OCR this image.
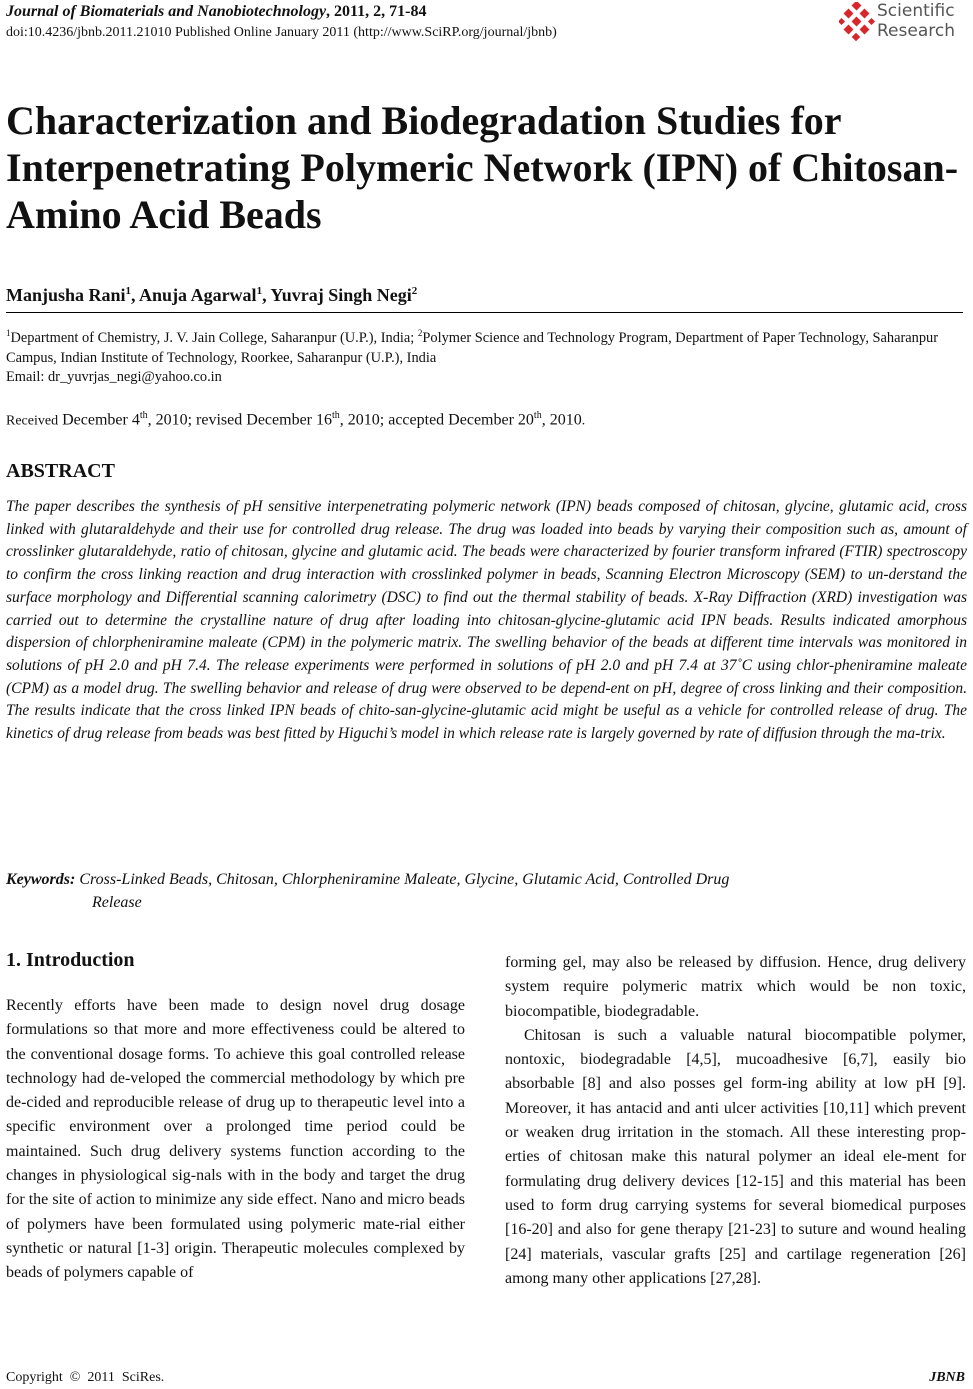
Journal of Biomaterials and Nanobiotechnology, 2011, 2, 71-84
doi:10.4236/jbnb.2011.21010 Published Online January 2011 (http://www.SciRP.org/journal/jbnb)
Scientific
Research
Characterization and Biodegradation Studies for Interpenetrating Polymeric Network (IPN) of Chitosan-Amino Acid Beads
Manjusha Rani$^1$, Anuja Agarwal$^1$, Yuvraj Singh Negi$^2$
$^1$Department of Chemistry, J. V. Jain College, Saharanpur (U.P.), India; $^2$Polymer Science and Technology Program, Department of Paper Technology, Saharanpur Campus, Indian Institute of Technology, Roorkee, Saharanpur (U.P.), India
Email: dr_yuvrjas_negi@yahoo.co.in
Received December 4th, 2010; revised December 16th, 2010; accepted December 20th, 2010.
ABSTRACT
The paper describes the synthesis of pH sensitive interpenetrating polymeric network (IPN) beads composed of chitosan, glycine, glutamic acid, cross linked with glutaraldehyde and their use for controlled drug release. The drug was loaded into beads by varying their composition such as, amount of crosslinker glutaraldehyde, ratio of chitosan, glycine and glutamic acid. The beads were characterized by fourier transform infrared (FTIR) spectroscopy to confirm the cross linking reaction and drug interaction with crosslinked polymer in beads, Scanning Electron Microscopy (SEM) to un-derstand the surface morphology and Differential scanning calorimetry (DSC) to find out the thermal stability of beads. X-Ray Diffraction (XRD) investigation was carried out to determine the crystalline nature of drug after loading into chitosan-glycine-glutamic acid IPN beads. Results indicated amorphous dispersion of chlorpheniramine maleate (CPM) in the polymeric matrix. The swelling behavior of the beads at different time intervals was monitored in solutions of pH 2.0 and pH 7.4. The release experiments were performed in solutions of pH 2.0 and pH 7.4 at 37˚C using chlor-pheniramine maleate (CPM) as a model drug. The swelling behavior and release of drug were observed to be depend-ent on pH, degree of cross linking and their composition. The results indicate that the cross linked IPN beads of chito-san-glycine-glutamic acid might be useful as a vehicle for controlled release of drug. The kinetics of drug release from beads was best fitted by Higuchi’s model in which release rate is largely governed by rate of diffusion through the ma-trix.
Keywords: Cross-Linked Beads, Chitosan, Chlorpheniramine Maleate, Glycine, Glutamic Acid, Controlled Drug
Release
1. Introduction
Recently efforts have been made to design novel drug dosage formulations so that more and more effectiveness could be altered to the conventional dosage forms. To achieve this goal controlled release technology had de-veloped the commercial methodology by which pre de-cided and reproducible release of drug up to therapeutic level into a specific environment over a prolonged time period could be maintained. Such drug delivery systems function according to the changes in physiological sig-nals with in the body and target the drug for the site of action to minimize any side effect. Nano and micro beads of polymers have been formulated using polymeric mate-rial either synthetic or natural [1-3] origin. Therapeutic molecules complexed by beads of polymers capable of

forming gel, may also be released by diffusion. Hence, drug delivery system require polymeric matrix which would be non toxic, biocompatible, biodegradable.

Chitosan is such a valuable natural biocompatible polymer, nontoxic, biodegradable [4,5], mucoadhesive [6,7], easily bio absorbable [8] and also posses gel form-ing ability at low pH [9]. Moreover, it has antacid and anti ulcer activities [10,11] which prevent or weaken drug irritation in the stomach. All these interesting prop-erties of chitosan make this natural polymer an ideal ele-ment for formulating drug delivery devices [12-15] and this material has been used to form drug carrying systems for several biomedical purposes [16-20] and also for gene therapy [21-23] to suture and wound healing [24] materials, vascular grafts [25] and cartilage regeneration [26] among many other applications [27,28].

Copyright  ©  2011  SciRes.	JBNB
